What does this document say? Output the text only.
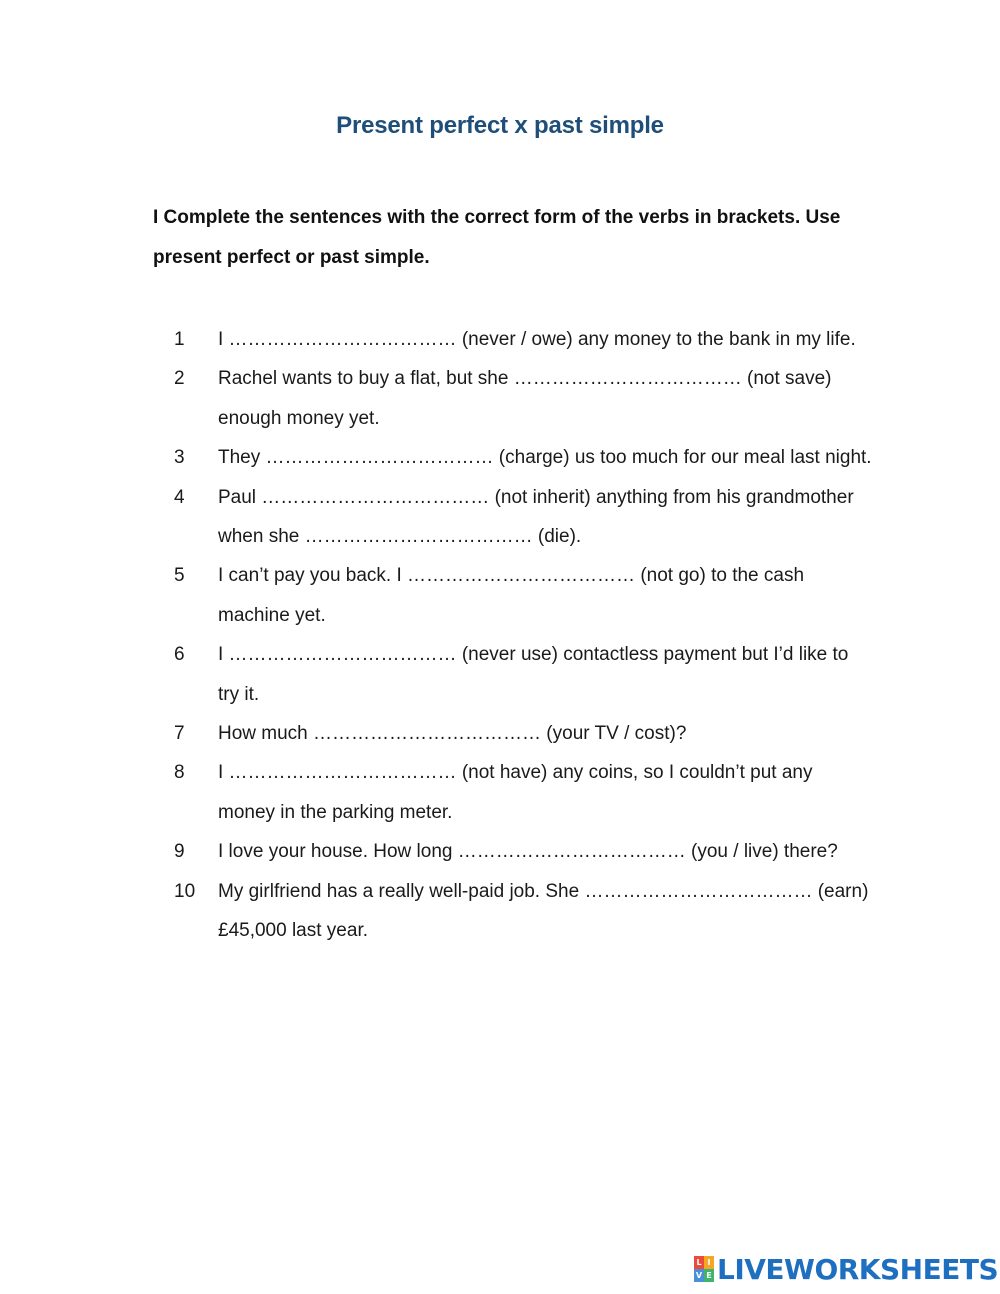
Present perfect x past simple
I Complete the sentences with the correct form of the verbs in brackets. Use present perfect or past simple.
1	I ……………………………… (never / owe) any money to the bank in my life.
2	Rachel wants to buy a flat, but she ……………………………… (not save) enough money yet.
3	They ……………………………… (charge) us too much for our meal last night.
4	Paul ……………………………… (not inherit) anything from his grandmother when she ……………………………… (die).
5	I can’t pay you back. I ……………………………… (not go) to the cash machine yet.
6	I ……………………………… (never use) contactless payment but I’d like to try it.
7	How much ……………………………… (your TV / cost)?
8	I ……………………………… (not have) any coins, so I couldn’t put any money in the parking meter.
9	I love your house. How long ……………………………… (you / live) there?
10	My girlfriend has a really well-paid job. She ……………………………… (earn) £45,000 last year.
L I
V E LIVEWORKSHEETS
